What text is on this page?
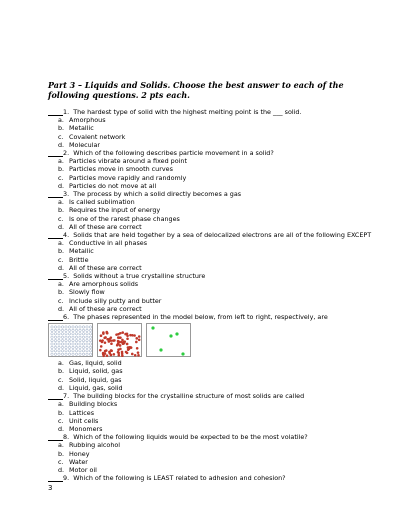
Part 3 – Liquids and Solids. Choose the best answer to each of the following questions. 2 pts each.
1. The hardest type of solid with the highest melting point is the ___ solid.
a. Amorphous
b. Metallic
c. Covalent network
d. Molecular
2. Which of the following describes particle movement in a solid?
a. Particles vibrate around a fixed point
b. Particles move in smooth curves
c. Particles move rapidly and randomly
d. Particles do not move at all
3. The process by which a solid directly becomes a gas
a. Is called sublimation
b. Requires the input of energy
c. Is one of the rarest phase changes
d. All of these are correct
4. Solids that are held together by a sea of delocalized electrons are all of the following EXCEPT
a. Conductive in all phases
b. Metallic
c. Brittle
d. All of these are correct
5. Solids without a true crystalline structure
a. Are amorphous solids
b. Slowly flow
c. Include silly putty and butter
d. All of these are correct
6. The phases represented in the model below, from left to right, respectively, are
a. Gas, liquid, solid
b. Liquid, solid, gas
c. Solid, liquid, gas
d. Liquid, gas, solid
7. The building blocks for the crystalline structure of most solids are called
a. Building blocks
b. Lattices
c. Unit cells
d. Monomers
8. Which of the following liquids would be expected to be the most volatile?
a. Rubbing alcohol
b. Honey
c. Water
d. Motor oil
9. Which of the following is LEAST related to adhesion and cohesion?
3
